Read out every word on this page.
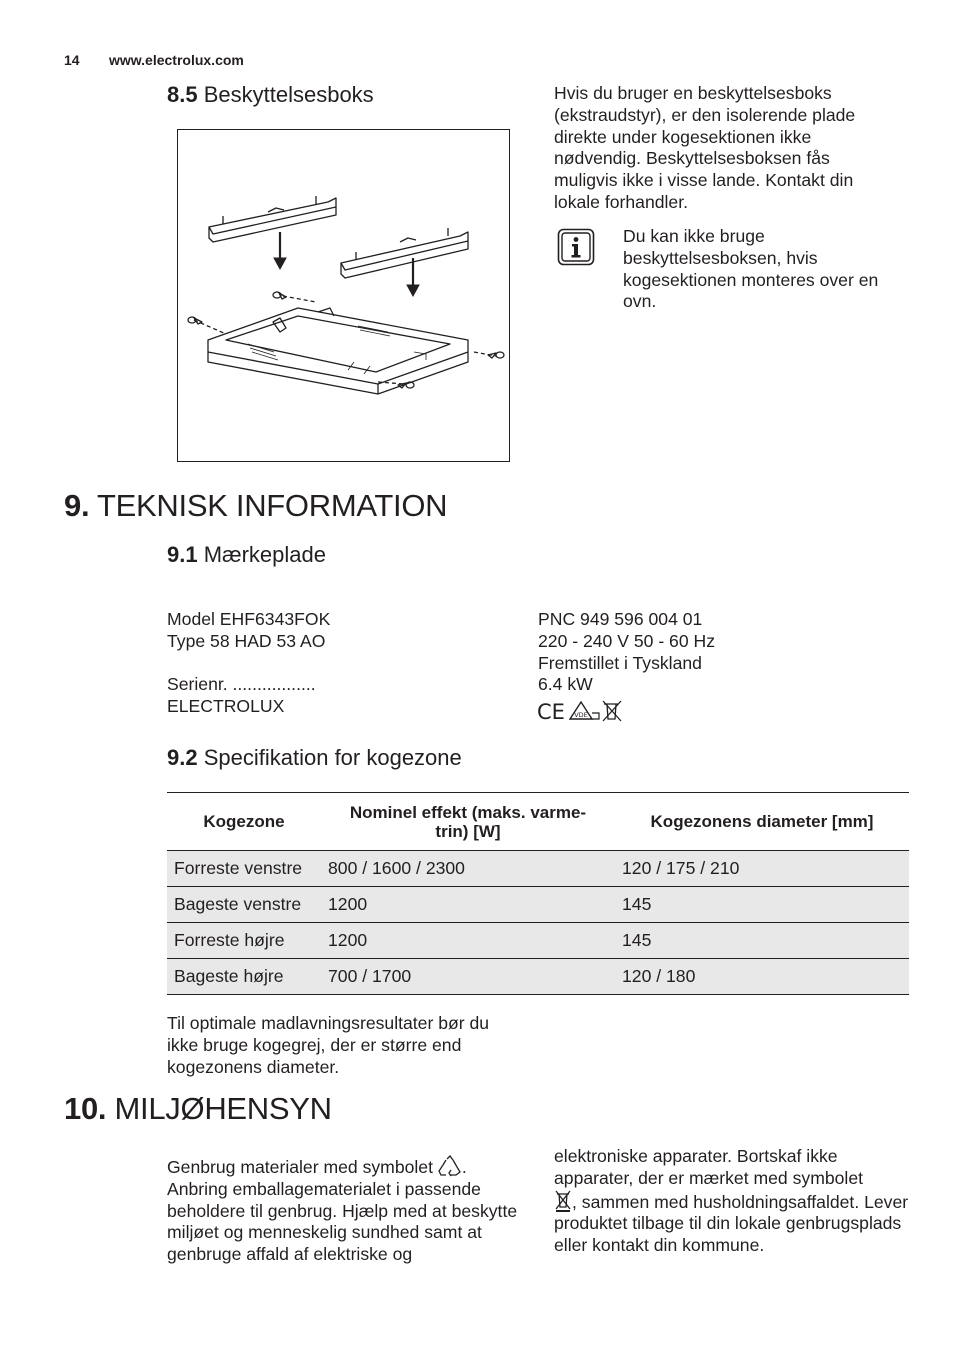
14 www.electrolux.com
8.5 Beskyttelsesboks	Hvis du bruger en beskyttelsesboks (ekstraudstyr), er den isolerende plade direkte under kogesektionen ikke nødvendig. Beskyttelsesboksen fås muligvis ikke i visse lande. Kontakt din lokale forhandler.
Du kan ikke bruge beskyttelsesboksen, hvis kogesektionen monteres over en ovn.
9. TEKNISK INFORMATION
9.1 Mærkeplade

Model EHF6343FOK

Type 58 HAD 53 AO

Serienr. .................

ELECTROLUX

PNC 949 596 004 01

220 - 240 V 50 - 60 Hz

Fremstillet i Tyskland

6.4 kW

CE VDE
9.2 Specifikation for kogezone
Kogezone	Nominel effekt (maks. varme-trin) [W]	Kogezonens diameter [mm]
Forreste venstre	800 / 1600 / 2300	120 / 175 / 210
Bageste venstre	1200	145
Forreste højre	1200	145
Bageste højre	700 / 1700	120 / 180
Til optimale madlavningsresultater bør du ikke bruge kogegrej, der er større end kogezonens diameter.
10. MILJØHENSYN
Genbrug materialer med symbolet . Anbring emballagematerialet i passende beholdere til genbrug. Hjælp med at beskytte miljøet og menneskelig sundhed samt at genbruge affald af elektriske og
elektroniske apparater. Bortskaf ikke apparater, der er mærket med symbolet
, sammen med husholdningsaffaldet. Lever produktet tilbage til din lokale genbrugsplads eller kontakt din kommune.
